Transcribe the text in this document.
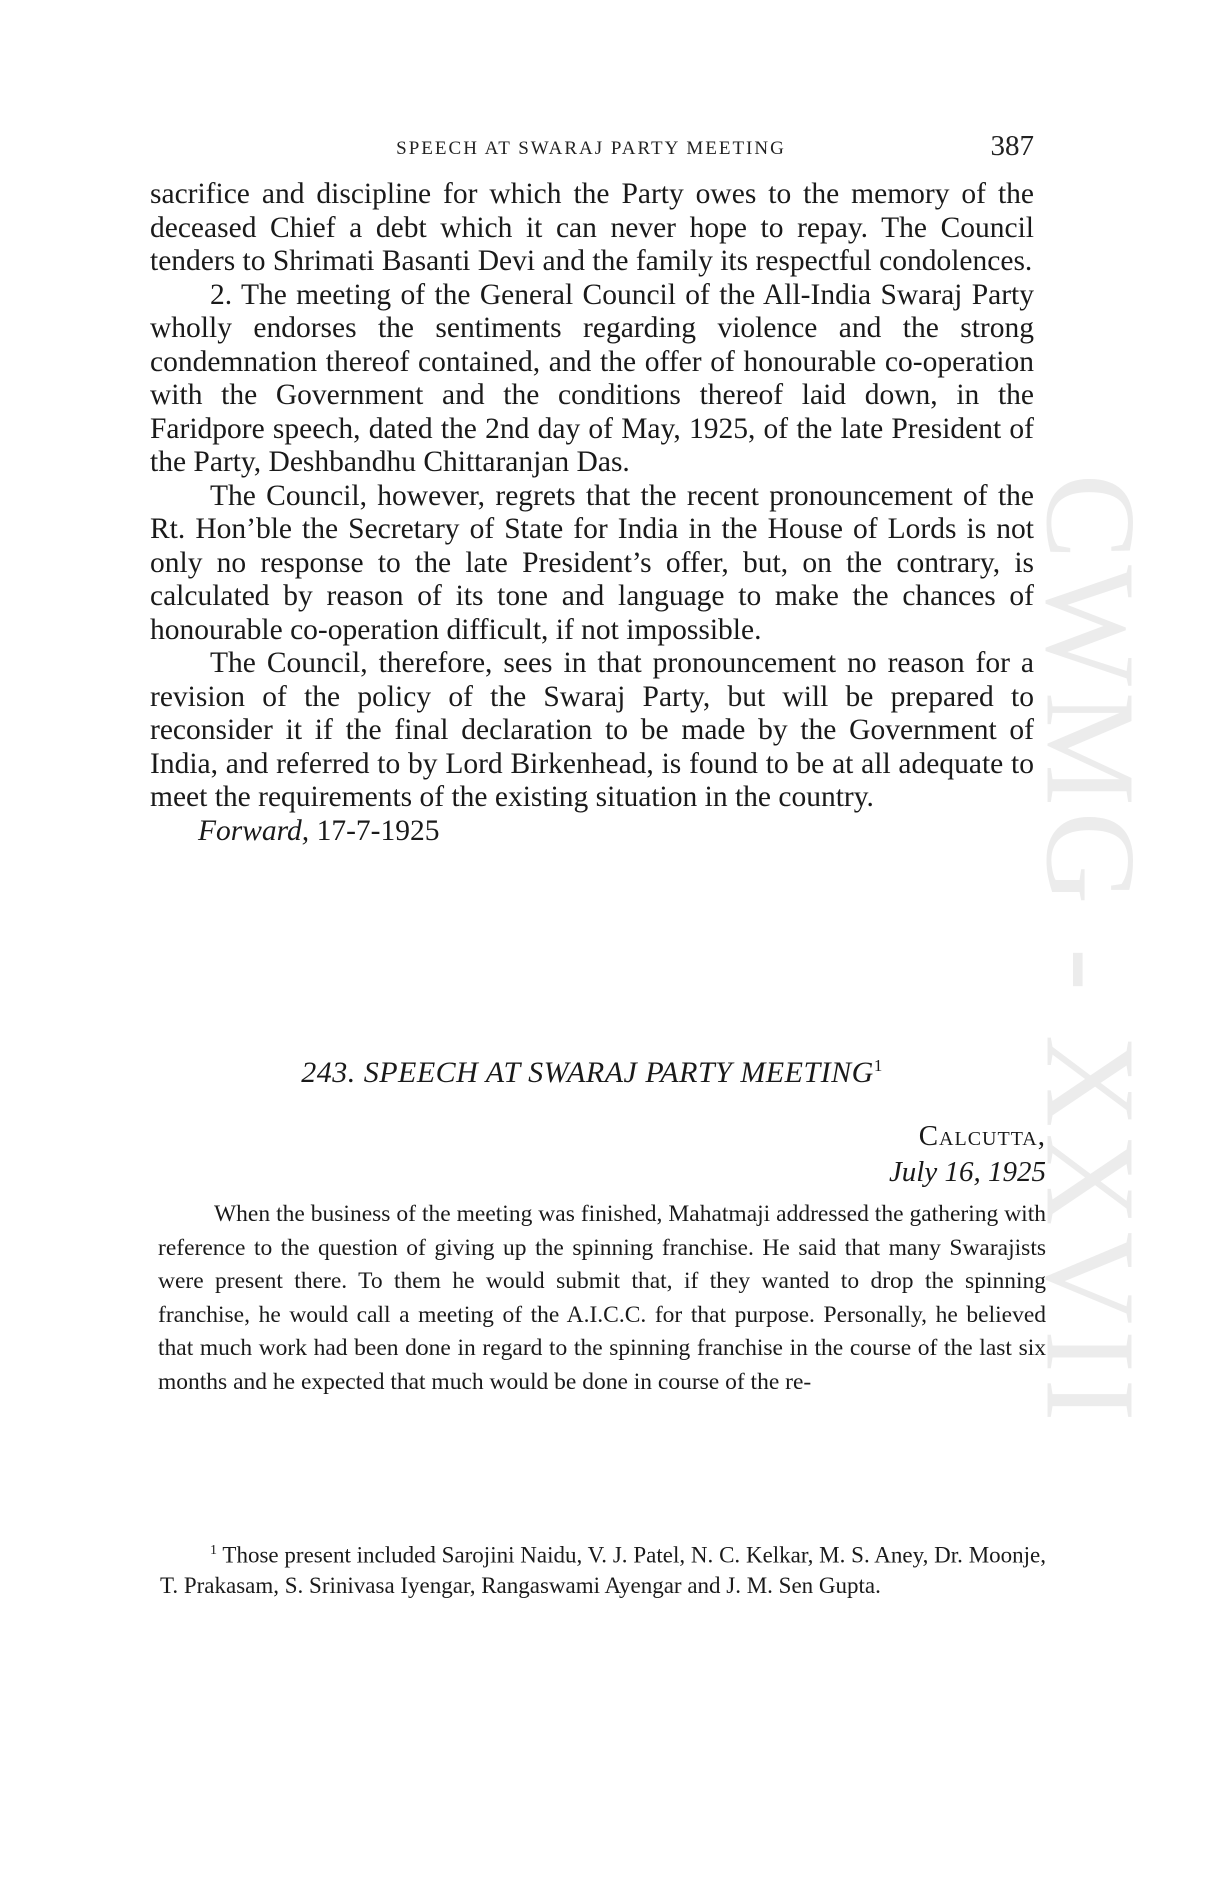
CWMG - XXVII
SPEECH AT SWARAJ PARTY MEETING	387

sacrifice and discipline for which the Party owes to the memory of the deceased Chief a debt which it can never hope to repay. The Council tenders to Shrimati Basanti Devi and the family its respectful condolences.

2. The meeting of the General Council of the All-India Swaraj Party wholly endorses the sentiments regarding violence and the strong condemnation thereof contained, and the offer of honourable co-operation with the Government and the conditions thereof laid down, in the Faridpore speech, dated the 2nd day of May, 1925, of the late President of the Party, Deshbandhu Chittaranjan Das.

The Council, however, regrets that the recent pronouncement of the Rt. Hon’ble the Secretary of State for India in the House of Lords is not only no response to the late President’s offer, but, on the contrary, is calculated by reason of its tone and language to make the chances of honourable co-operation difficult, if not impossible.

The Council, therefore, sees in that pronouncement no reason for a revision of the policy of the Swaraj Party, but will be prepared to reconsider it if the final declaration to be made by the Government of India, and referred to by Lord Birkenhead, is found to be at all adequate to meet the requirements of the existing situation in the country.

Forward, 17-7-1925

243. SPEECH AT SWARAJ PARTY MEETING$^1$
Calcutta,
July 16, 1925

When the business of the meeting was finished, Mahatmaji addressed the gathering with reference to the question of giving up the spinning franchise. He said that many Swarajists were present there. To them he would submit that, if they wanted to drop the spinning franchise, he would call a meeting of the A.I.C.C. for that purpose. Personally, he believed that much work had been done in regard to the spinning franchise in the course of the last six months and he expected that much would be done in course of the re-

$^1$ Those present included Sarojini Naidu, V. J. Patel, N. C. Kelkar, M. S. Aney, Dr. Moonje, T. Prakasam, S. Srinivasa Iyengar, Rangaswami Ayengar and J. M. Sen Gupta.
